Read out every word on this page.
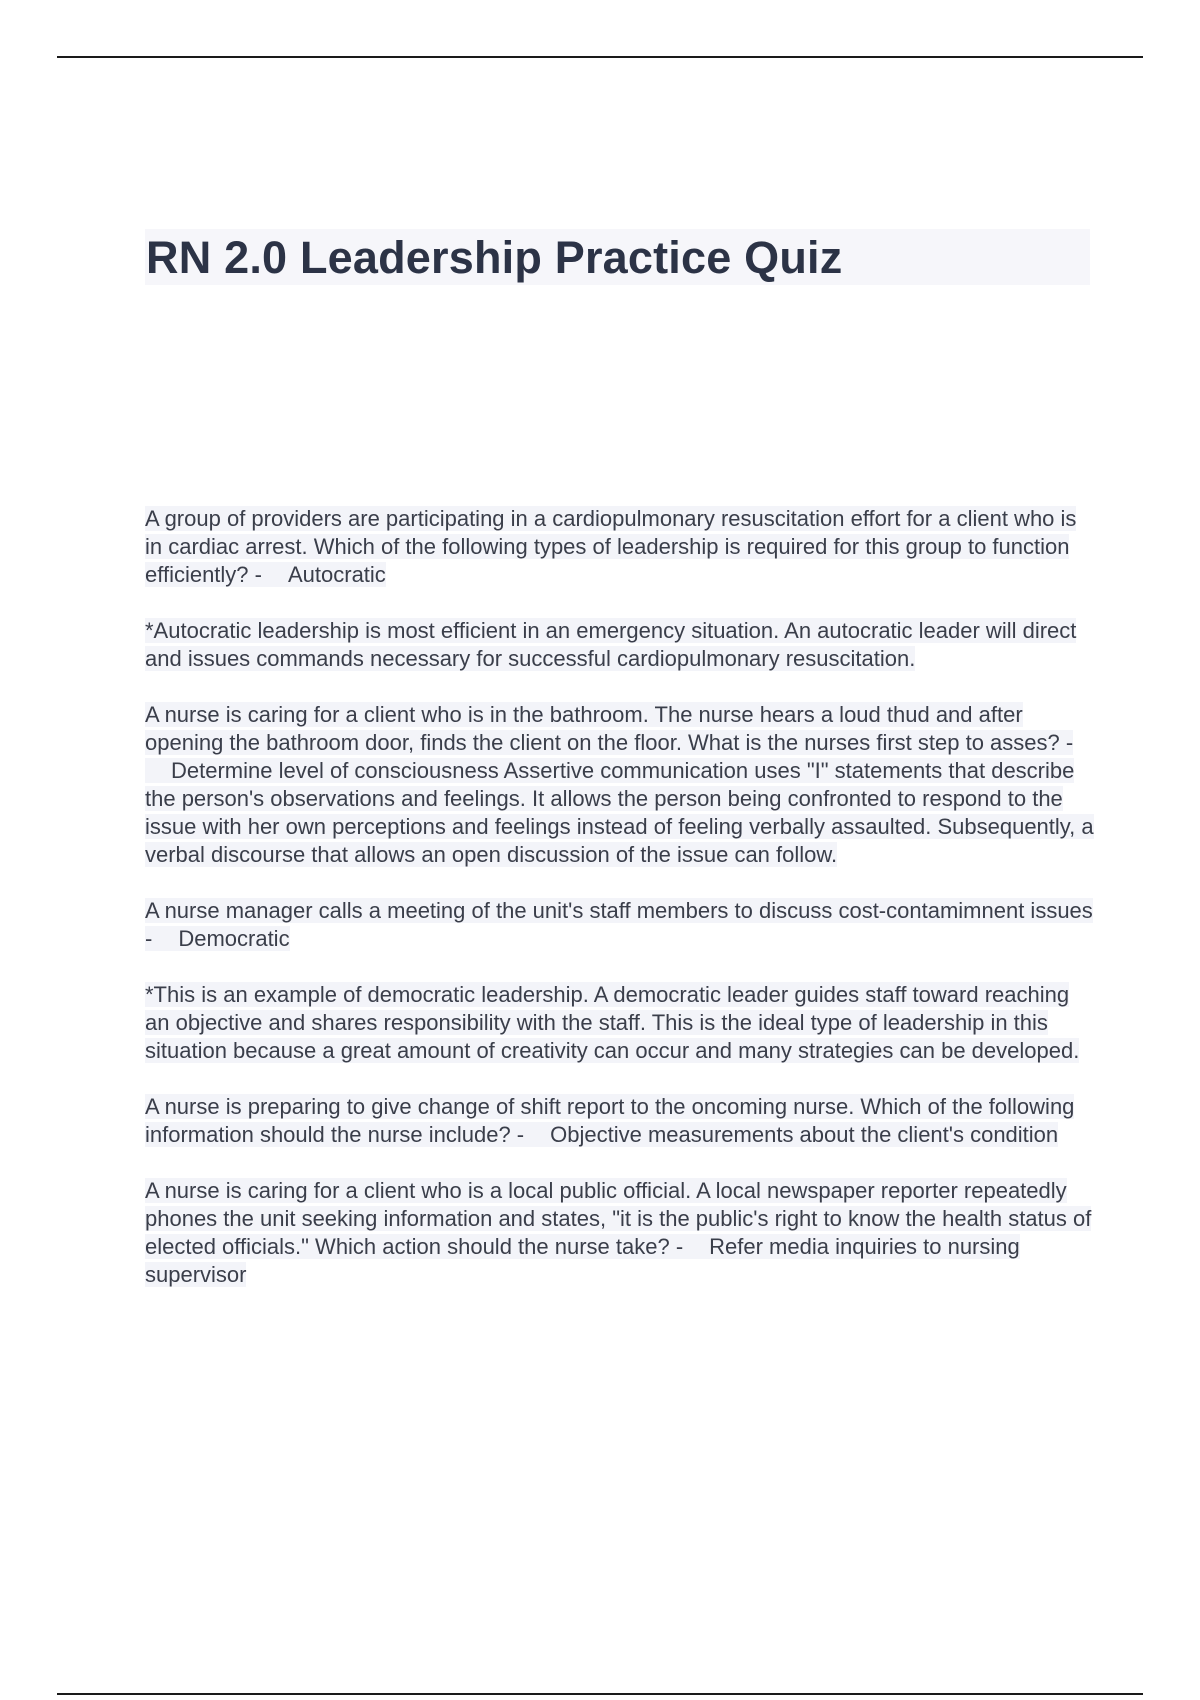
RN 2.0 Leadership Practice Quiz

A group of providers are participating in a cardiopulmonary resuscitation effort for a client who is in cardiac arrest. Which of the following types of leadership is required for this group to function efficiently? - Autocratic

*Autocratic leadership is most efficient in an emergency situation. An autocratic leader will direct and issues commands necessary for successful cardiopulmonary resuscitation.

A nurse is caring for a client who is in the bathroom. The nurse hears a loud thud and after opening the bathroom door, finds the client on the floor. What is the nurses first step to asses? -Determine level of consciousness Assertive communication uses "I" statements that describe the person's observations and feelings. It allows the person being confronted to respond to the issue with her own perceptions and feelings instead of feeling verbally assaulted. Subsequently, a verbal discourse that allows an open discussion of the issue can follow.

A nurse manager calls a meeting of the unit's staff members to discuss cost-contamimnent issues - Democratic

*This is an example of democratic leadership. A democratic leader guides staff toward reaching an objective and shares responsibility with the staff. This is the ideal type of leadership in this situation because a great amount of creativity can occur and many strategies can be developed.

A nurse is preparing to give change of shift report to the oncoming nurse. Which of the following information should the nurse include? - Objective measurements about the client's condition

A nurse is caring for a client who is a local public official. A local newspaper reporter repeatedly phones the unit seeking information and states, "it is the public's right to know the health status of elected officials." Which action should the nurse take? - Refer media inquiries to nursing supervisor
